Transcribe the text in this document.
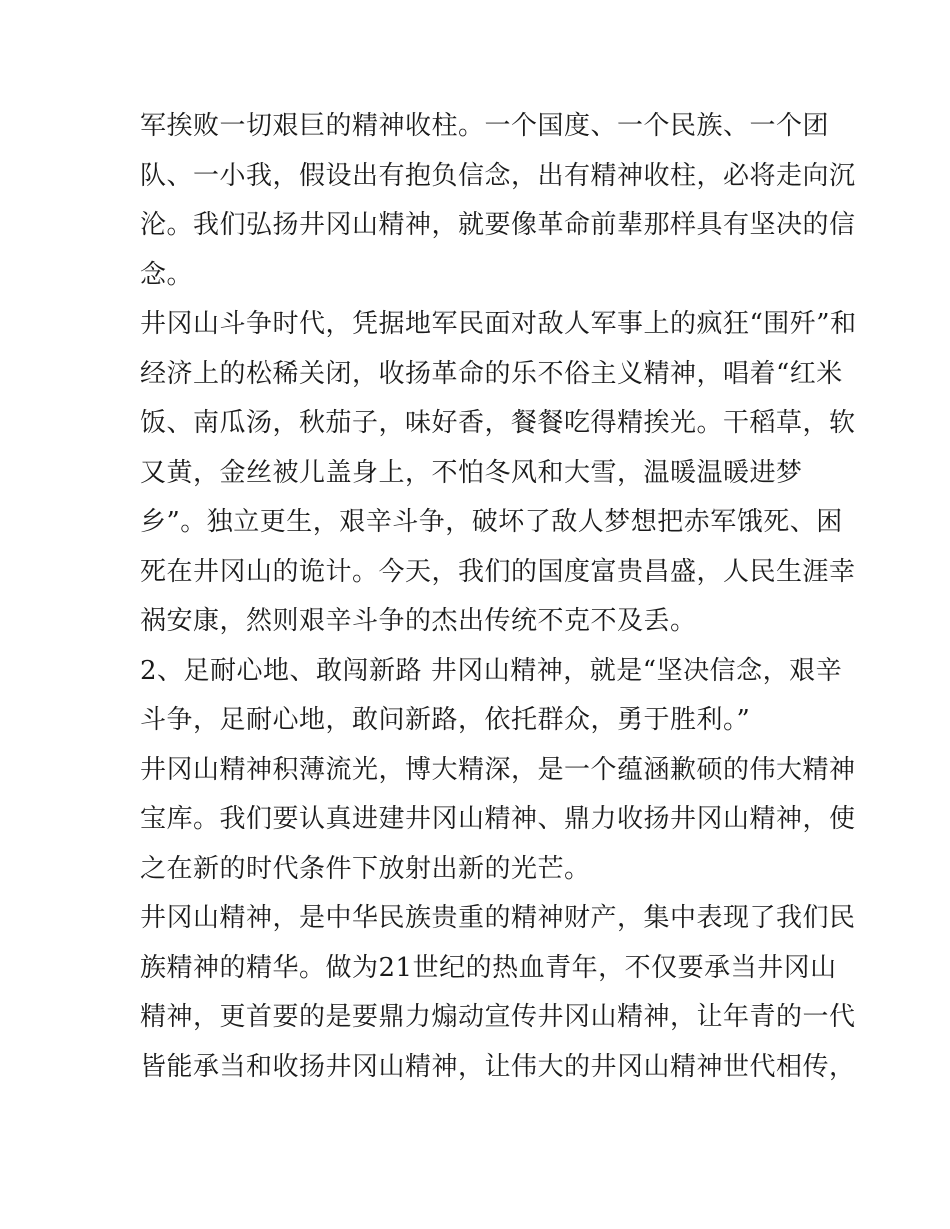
军挨败一切艰巨的精神收柱。一个国度、一个民族、一个团
队、一小我，假设出有抱负信念，出有精神收柱，必将走向沉
沦。我们弘扬井冈山精神，就要像革命前辈那样具有坚决的信
念。
井冈山斗争时代，凭据地军民面对敌人军事上的疯狂“围歼”和
经济上的松稀关闭，收扬革命的乐不俗主义精神，唱着“红米
饭、南瓜汤，秋茄子，味好香，餐餐吃得精挨光。干稻草，软
又黄，金丝被儿盖身上，不怕冬风和大雪，温暖温暖进梦
乡”。独立更生，艰辛斗争，破坏了敌人梦想把赤军饿死、困
死在井冈山的诡计。今天，我们的国度富贵昌盛，人民生涯幸
祸安康，然则艰辛斗争的杰出传统不克不及丢。
2、足耐心地、敢闯新路 井冈山精神，就是“坚决信念，艰辛
斗争，足耐心地，敢问新路，依托群众，勇于胜利。”
井冈山精神积薄流光，博大精深，是一个蕴涵歉硕的伟大精神
宝库。我们要认真进建井冈山精神、鼎力收扬井冈山精神，使
之在新的时代条件下放射出新的光芒。
井冈山精神，是中华民族贵重的精神财产，集中表现了我们民
族精神的精华。做为21世纪的热血青年，不仅要承当井冈山
精神，更首要的是要鼎力煽动宣传井冈山精神，让年青的一代
皆能承当和收扬井冈山精神，让伟大的井冈山精神世代相传，
